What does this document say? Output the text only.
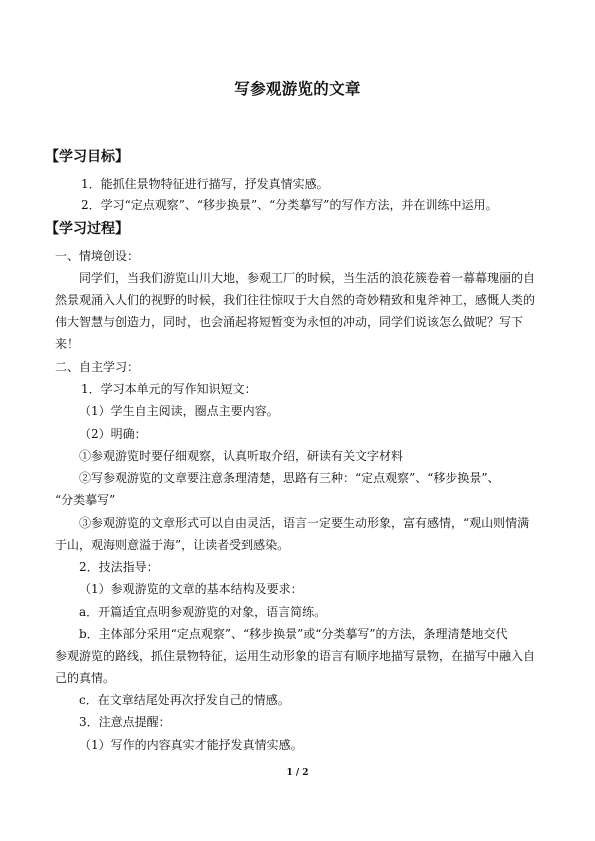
写参观游览的文章
【学习目标】
1．能抓住景物特征进行描写，抒发真情实感。
2．学习“定点观察”、“移步换景”、“分类摹写”的写作方法，并在训练中运用。
【学习过程】
一、情境创设：
同学们，当我们游览山川大地，参观工厂的时候，当生活的浪花簇卷着一幕幕瑰丽的自
然景观涌入人们的视野的时候，我们往往惊叹于大自然的奇妙精致和鬼斧神工，感慨人类的
伟大智慧与创造力，同时，也会涌起将短暂变为永恒的冲动，同学们说该怎么做呢？写下
来！
二、自主学习：
1．学习本单元的写作知识短文：
（1）学生自主阅读，圈点主要内容。
（2）明确：
①参观游览时要仔细观察，认真听取介绍，研读有关文字材料
②写参观游览的文章要注意条理清楚，思路有三种：“定点观察”、“移步换景”、
“分类摹写”
③参观游览的文章形式可以自由灵活，语言一定要生动形象，富有感情，“观山则情满
于山，观海则意溢于海”，让读者受到感染。
2．技法指导：
（1）参观游览的文章的基本结构及要求：
a．开篇适宜点明参观游览的对象，语言简练。
b．主体部分采用“定点观察”、“移步换景”或“分类摹写”的方法，条理清楚地交代
参观游览的路线，抓住景物特征，运用生动形象的语言有顺序地描写景物，在描写中融入自
己的真情。
c．在文章结尾处再次抒发自己的情感。
3．注意点提醒：
（1）写作的内容真实才能抒发真情实感。
1 / 2
